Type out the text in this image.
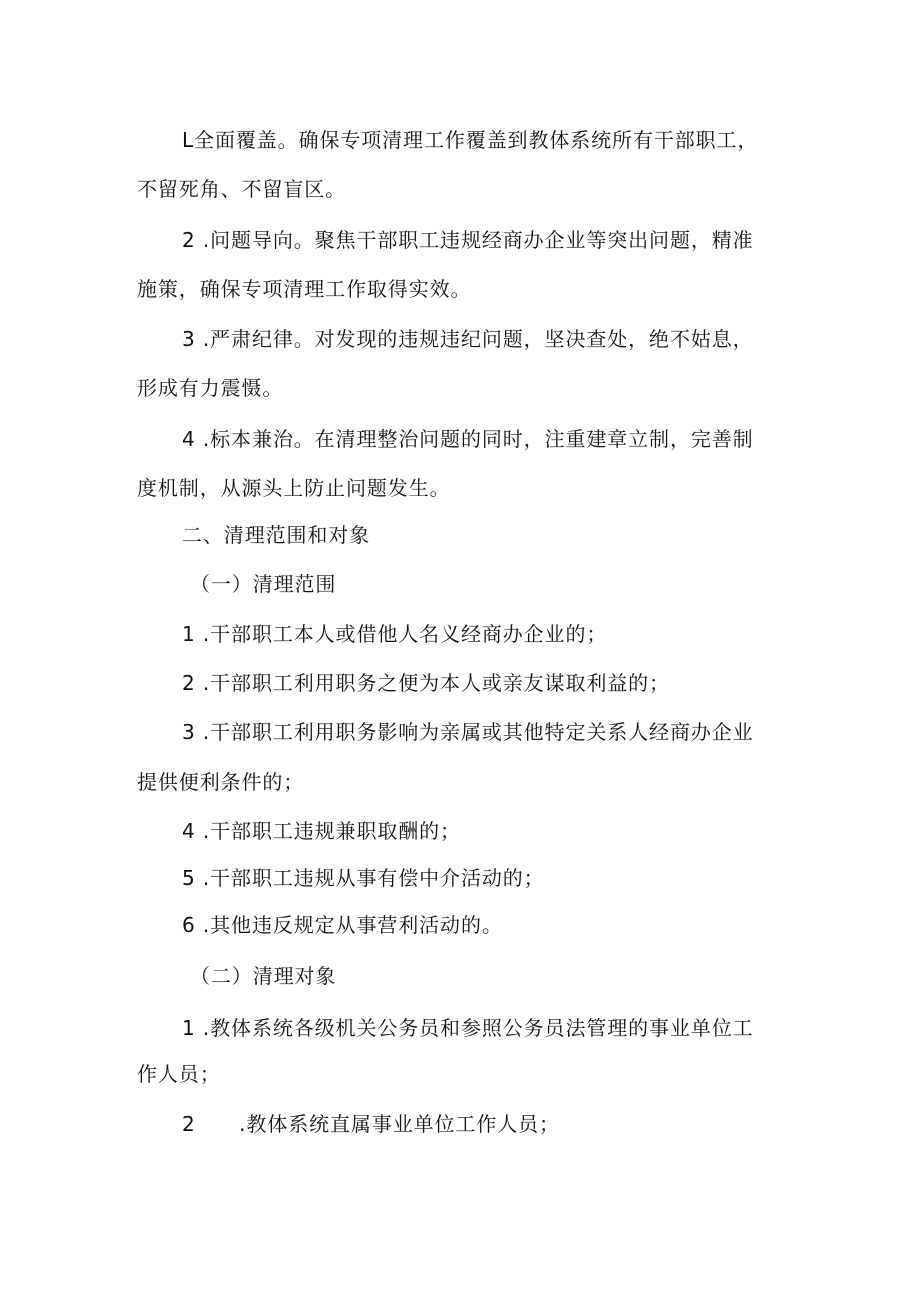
L全面覆盖。确保专项清理工作覆盖到教体系统所有干部职工，
不留死角、不留盲区。
2 .问题导向。聚焦干部职工违规经商办企业等突出问题，精准
施策，确保专项清理工作取得实效。
3 .严肃纪律。对发现的违规违纪问题，坚决查处，绝不姑息，
形成有力震慑。
4 .标本兼治。在清理整治问题的同时，注重建章立制，完善制
度机制，从源头上防止问题发生。
二、清理范围和对象
（一）清理范围
1 .干部职工本人或借他人名义经商办企业的；
2 .干部职工利用职务之便为本人或亲友谋取利益的；
3 .干部职工利用职务影响为亲属或其他特定关系人经商办企业
提供便利条件的；
4 .干部职工违规兼职取酬的；
5 .干部职工违规从事有偿中介活动的；
6 .其他违反规定从事营利活动的。
（二）清理对象
1 .教体系统各级机关公务员和参照公务员法管理的事业单位工
作人员；
2      .教体系统直属事业单位工作人员；
